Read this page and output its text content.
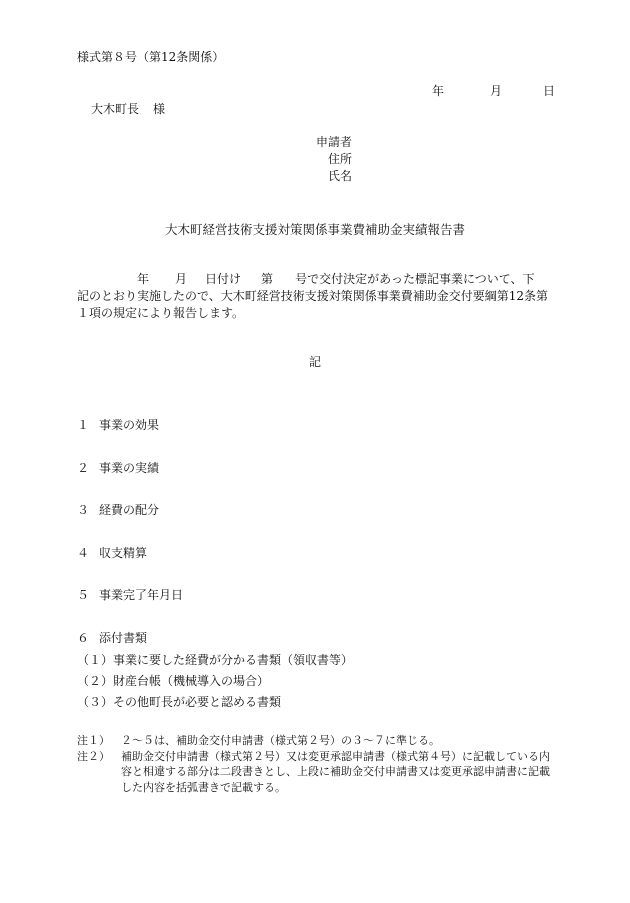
様式第８号（第12条関係）
年	月	日
大木町長 様
申請者
住所
氏名
大木町経営技術支援対策関係事業費補助金実績報告書
年 月 日付け 第 号で交付決定があった標記事業について、下
記のとおり実施したので、大木町経営技術支援対策関係事業費補助金交付要綱第12条第
１項の規定により報告します。
記
１ 事業の効果
２ 事業の実績
３ 経費の配分
４ 収支精算
５ 事業完了年月日
６ 添付書類
（１）事業に要した経費が分かる書類（領収書等）
（２）財産台帳（機械導入の場合）
（３）その他町長が必要と認める書類
注１）	２～５は、補助金交付申請書（様式第２号）の３～７に準じる。
注２）	補助金交付申請書（様式第２号）又は変更承認申請書（様式第４号）に記載している内
容と相違する部分は二段書きとし、上段に補助金交付申請書又は変更承認申請書に記載
した内容を括弧書きで記載する。
